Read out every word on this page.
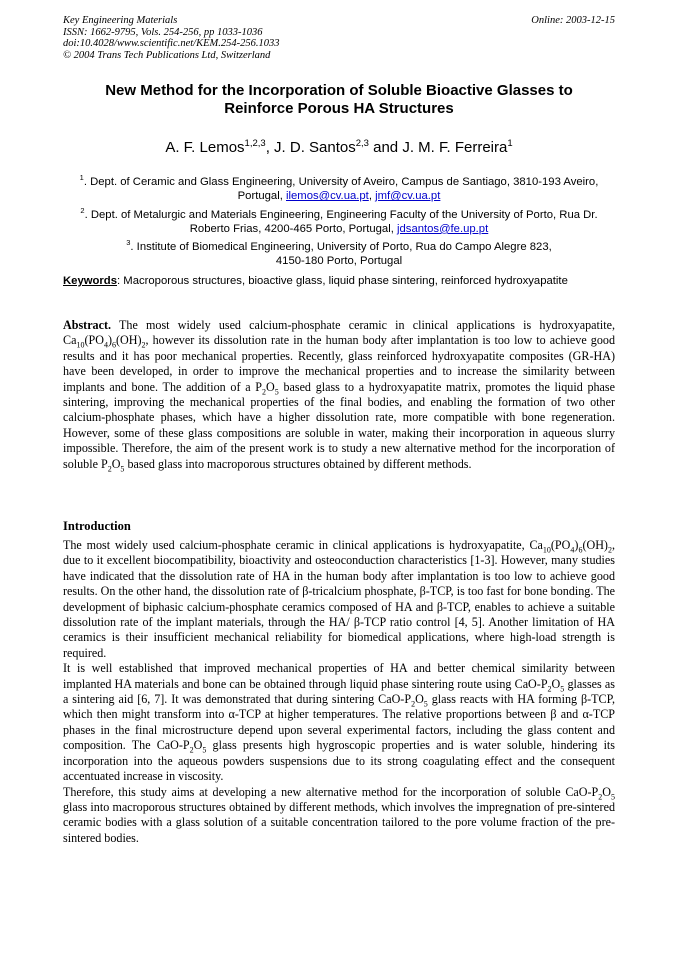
Key Engineering Materials
ISSN: 1662-9795, Vols. 254-256, pp 1033-1036
doi:10.4028/www.scientific.net/KEM.254-256.1033
© 2004 Trans Tech Publications Ltd, Switzerland
Online: 2003-12-15
New Method for the Incorporation of Soluble Bioactive Glasses to
Reinforce Porous HA Structures
A. F. Lemos$^{1,2,3}$, J. D. Santos$^{2,3}$ and J. M. F. Ferreira$^1$
$^1$. Dept. of Ceramic and Glass Engineering, University of Aveiro, Campus de Santiago, 3810-193 Aveiro, Portugal, ilemos@cv.ua.pt, jmf@cv.ua.pt
$^2$. Dept. of Metalurgic and Materials Engineering, Engineering Faculty of the University of Porto, Rua Dr. Roberto Frias, 4200-465 Porto, Portugal, jdsantos@fe.up.pt
$^3$. Institute of Biomedical Engineering, University of Porto, Rua do Campo Alegre 823,
4150-180 Porto, Portugal
Keywords: Macroporous structures, bioactive glass, liquid phase sintering, reinforced hydroxyapatite

Abstract. The most widely used calcium-phosphate ceramic in clinical applications is hydroxyapatite, $Ca_{10}(PO_4)_6(OH)_2$, however its dissolution rate in the human body after implantation is too low to achieve good results and it has poor mechanical properties. Recently, glass reinforced hydroxyapatite composites (GR-HA) have been developed, in order to improve the mechanical properties and to increase the similarity between implants and bone. The addition of a $P_2O_5$ based glass to a hydroxyapatite matrix, promotes the liquid phase sintering, improving the mechanical properties of the final bodies, and enabling the formation of two other calcium-phosphate phases, which have a higher dissolution rate, more compatible with bone regeneration. However, some of these glass compositions are soluble in water, making their incorporation in aqueous slurry impossible. Therefore, the aim of the present work is to study a new alternative method for the incorporation of soluble $P_2O_5$ based glass into macroporous structures obtained by different methods.

Introduction

The most widely used calcium-phosphate ceramic in clinical applications is hydroxyapatite, $Ca_{10}(PO_4)_6(OH)_2$, due to it excellent biocompatibility, bioactivity and osteoconduction characteristics [1-3]. However, many studies have indicated that the dissolution rate of HA in the human body after implantation is too low to achieve good results. On the other hand, the dissolution rate of β-tricalcium phosphate, β-TCP, is too fast for bone bonding. The development of biphasic calcium-phosphate ceramics composed of HA and β-TCP, enables to achieve a suitable dissolution rate of the implant materials, through the HA/ β-TCP ratio control [4, 5]. Another limitation of HA ceramics is their insufficient mechanical reliability for biomedical applications, where high-load strength is required.

It is well established that improved mechanical properties of HA and better chemical similarity between implanted HA materials and bone can be obtained through liquid phase sintering route using CaO-$P_2O_5$ glasses as a sintering aid [6, 7]. It was demonstrated that during sintering CaO-$P_2O_5$ glass reacts with HA forming β-TCP, which then might transform into α-TCP at higher temperatures. The relative proportions between β and α-TCP phases in the final microstructure depend upon several experimental factors, including the glass content and composition. The CaO-$P_2O_5$ glass presents high hygroscopic properties and is water soluble, hindering its incorporation into the aqueous powders suspensions due to its strong coagulating effect and the consequent accentuated increase in viscosity.

Therefore, this study aims at developing a new alternative method for the incorporation of soluble CaO-$P_2O_5$ glass into macroporous structures obtained by different methods, which involves the impregnation of pre-sintered ceramic bodies with a glass solution of a suitable concentration tailored to the pore volume fraction of the pre-sintered bodies.
